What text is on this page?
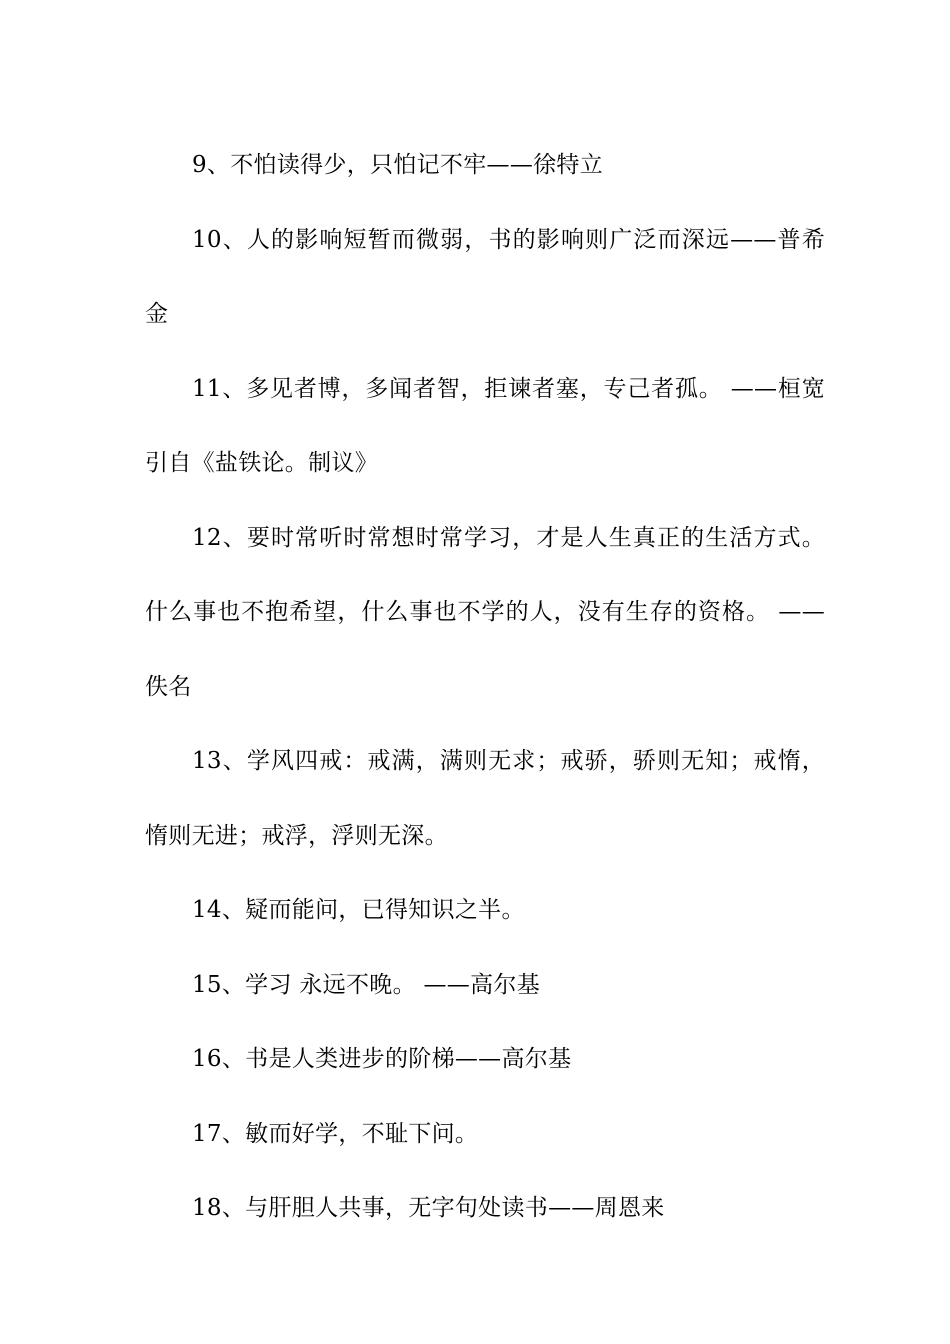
9、不怕读得少，只怕记不牢——徐特立

10、人的影响短暂而微弱，书的影响则广泛而深远——普希金

11、多见者博，多闻者智，拒谏者塞，专己者孤。 ——桓宽引自《盐铁论。制议》

12、要时常听时常想时常学习，才是人生真正的生活方式。什么事也不抱希望，什么事也不学的人，没有生存的资格。 ——佚名

13、学风四戒：戒满，满则无求；戒骄，骄则无知；戒惰，惰则无进；戒浮，浮则无深。

14、疑而能问，已得知识之半。

15、学习 永远不晚。 ——高尔基

16、书是人类进步的阶梯——高尔基

17、敏而好学，不耻下问。

18、与肝胆人共事，无字句处读书——周恩来
